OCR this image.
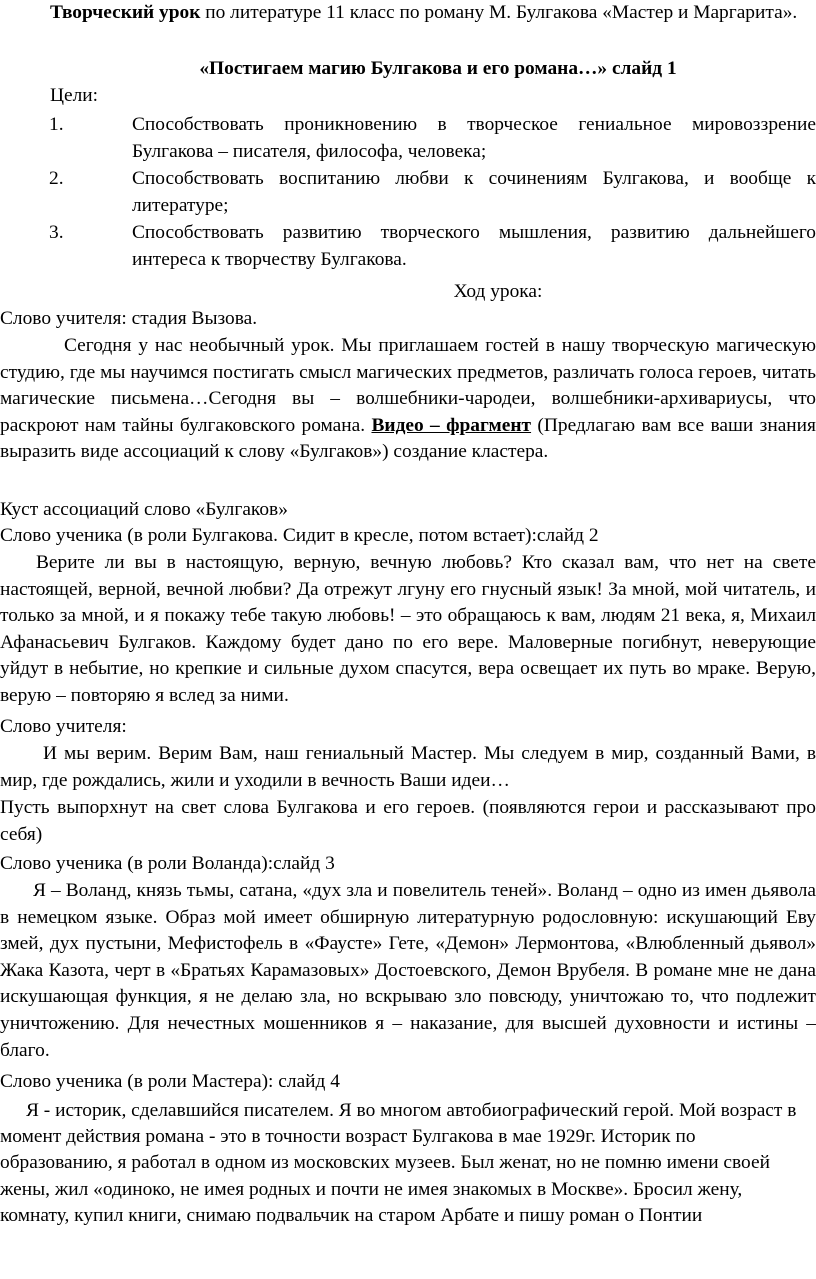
Творческий урок по литературе 11 класс по роману М. Булгакова «Мастер и Маргарита».

«Постигаем магию Булгакова и его романа…» слайд 1

Цели:

1.	Способствовать проникновению в творческое гениальное мировоззрение Булгакова – писателя, философа, человека;
2.	Способствовать воспитанию любви к сочинениям Булгакова, и вообще к литературе;
3.	Способствовать развитию творческого мышления, развитию дальнейшего интереса к творчеству Булгакова.

Ход урока:

Слово учителя: стадия Вызова.

Сегодня у нас необычный урок. Мы приглашаем гостей в нашу творческую магическую студию, где мы научимся постигать смысл магических предметов, различать голоса героев, читать магические письмена…Сегодня вы – волшебники-чародеи, волшебники-архивариусы, что раскроют нам тайны булгаковского романа. Видео – фрагмент (Предлагаю вам все ваши знания выразить виде ассоциаций к слову «Булгаков») создание кластера.

Куст ассоциаций слово «Булгаков»

Слово ученика (в роли Булгакова. Сидит в кресле, потом встает):слайд 2

Верите ли вы в настоящую, верную, вечную любовь? Кто сказал вам, что нет на свете настоящей, верной, вечной любви? Да отрежут лгуну его гнусный язык! За мной, мой читатель, и только за мной, и я покажу тебе такую любовь! – это обращаюсь к вам, людям 21 века, я, Михаил Афанасьевич Булгаков. Каждому будет дано по его вере. Маловерные погибнут, неверующие уйдут в небытие, но крепкие и сильные духом спасутся, вера освещает их путь во мраке. Верую, верую – повторяю я вслед за ними.

Слово учителя:

И мы верим. Верим Вам, наш гениальный Мастер. Мы следуем в мир, созданный Вами, в мир, где рождались, жили и уходили в вечность Ваши идеи…

Пусть выпорхнут на свет слова Булгакова и его героев. (появляются герои и рассказывают про себя)

Слово ученика (в роли Воланда):слайд 3

Я – Воланд, князь тьмы, сатана, «дух зла и повелитель теней». Воланд – одно из имен дьявола в немецком языке. Образ мой имеет обширную литературную родословную: искушающий Еву змей, дух пустыни, Мефистофель в «Фаусте» Гете, «Демон» Лермонтова, «Влюбленный дьявол» Жака Казота, черт в «Братьях Карамазовых» Достоевского, Демон Врубеля. В романе мне не дана искушающая функция, я не делаю зла, но вскрываю зло повсюду, уничтожаю то, что подлежит уничтожению. Для нечестных мошенников я – наказание, для высшей духовности и истины – благо.

Слово ученика (в роли Мастера): слайд 4

Я - историк, сделавшийся писателем. Я во многом автобиографический герой. Мой возраст в момент действия романа - это в точности возраст Булгакова в мае 1929г. Историк по образованию, я работал в одном из московских музеев. Был женат, но не помню имени своей жены, жил «одиноко, не имея родных и почти не имея знакомых в Москве». Бросил жену, комнату, купил книги, снимаю подвальчик на старом Арбате и пишу роман о Понтии
